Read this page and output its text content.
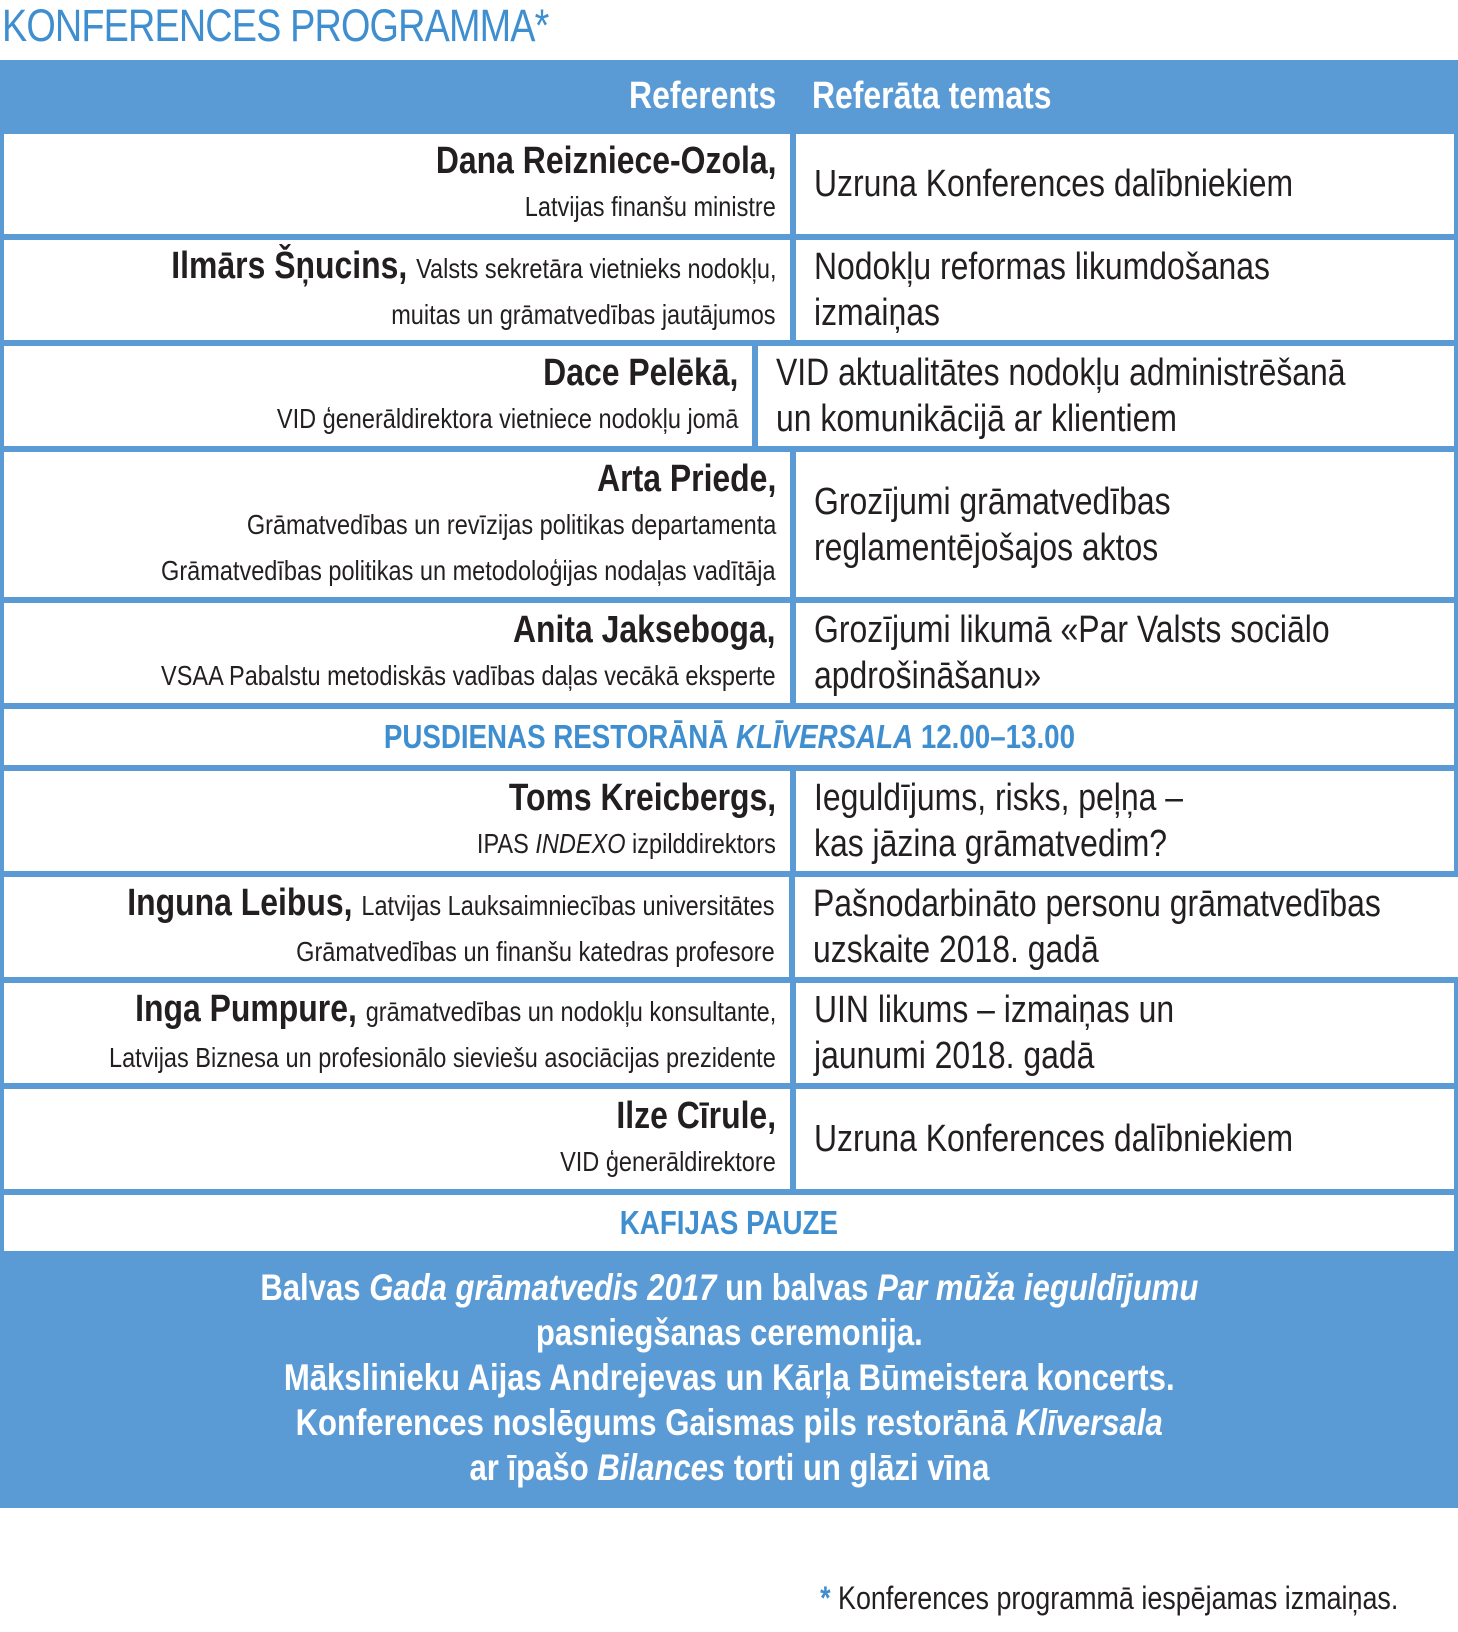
KONFERENCES PROGRAMMA*
Referents Referāta temats
Dana Reizniece-Ozola,
Latvijas finanšu ministre
Uzruna Konferences dalībniekiem
Ilmārs Šņucins, Valsts sekretāra vietnieks nodokļu,
muitas un grāmatvedības jautājumos
Nodokļu reformas likumdošanas
izmaiņas
Dace Pelēkā,
VID ģenerāldirektora vietniece nodokļu jomā
VID aktualitātes nodokļu administrēšanā
un komunikācijā ar klientiem
Arta Priede,
Grāmatvedības un revīzijas politikas departamenta
Grāmatvedības politikas un metodoloģijas nodaļas vadītāja
Grozījumi grāmatvedības
reglamentējošajos aktos
Anita Jakseboga,
VSAA Pabalstu metodiskās vadības daļas vecākā eksperte
Grozījumi likumā «Par Valsts sociālo
apdrošināšanu»
PUSDIENAS RESTORĀNĀ KLĪVERSALA 12.00–13.00
Toms Kreicbergs,
IPAS INDEXO izpilddirektors
Ieguldījums, risks, peļņa –
kas jāzina grāmatvedim?
Inguna Leibus, Latvijas Lauksaimniecības universitātes
Grāmatvedības un finanšu katedras profesore
Pašnodarbināto personu grāmatvedības
uzskaite 2018. gadā
Inga Pumpure, grāmatvedības un nodokļu konsultante,
Latvijas Biznesa un profesionālo sieviešu asociācijas prezidente
UIN likums – izmaiņas un
jaunumi 2018. gadā
Ilze Cīrule,
VID ģenerāldirektore
Uzruna Konferences dalībniekiem
KAFIJAS PAUZE
Balvas Gada grāmatvedis 2017 un balvas Par mūža ieguldījumu
pasniegšanas ceremonija.
Mākslinieku Aijas Andrejevas un Kārļa Būmeistera koncerts.
Konferences noslēgums Gaismas pils restorānā Klīversala
ar īpašo Bilances torti un glāzi vīna
* Konferences programmā iespējamas izmaiņas.
